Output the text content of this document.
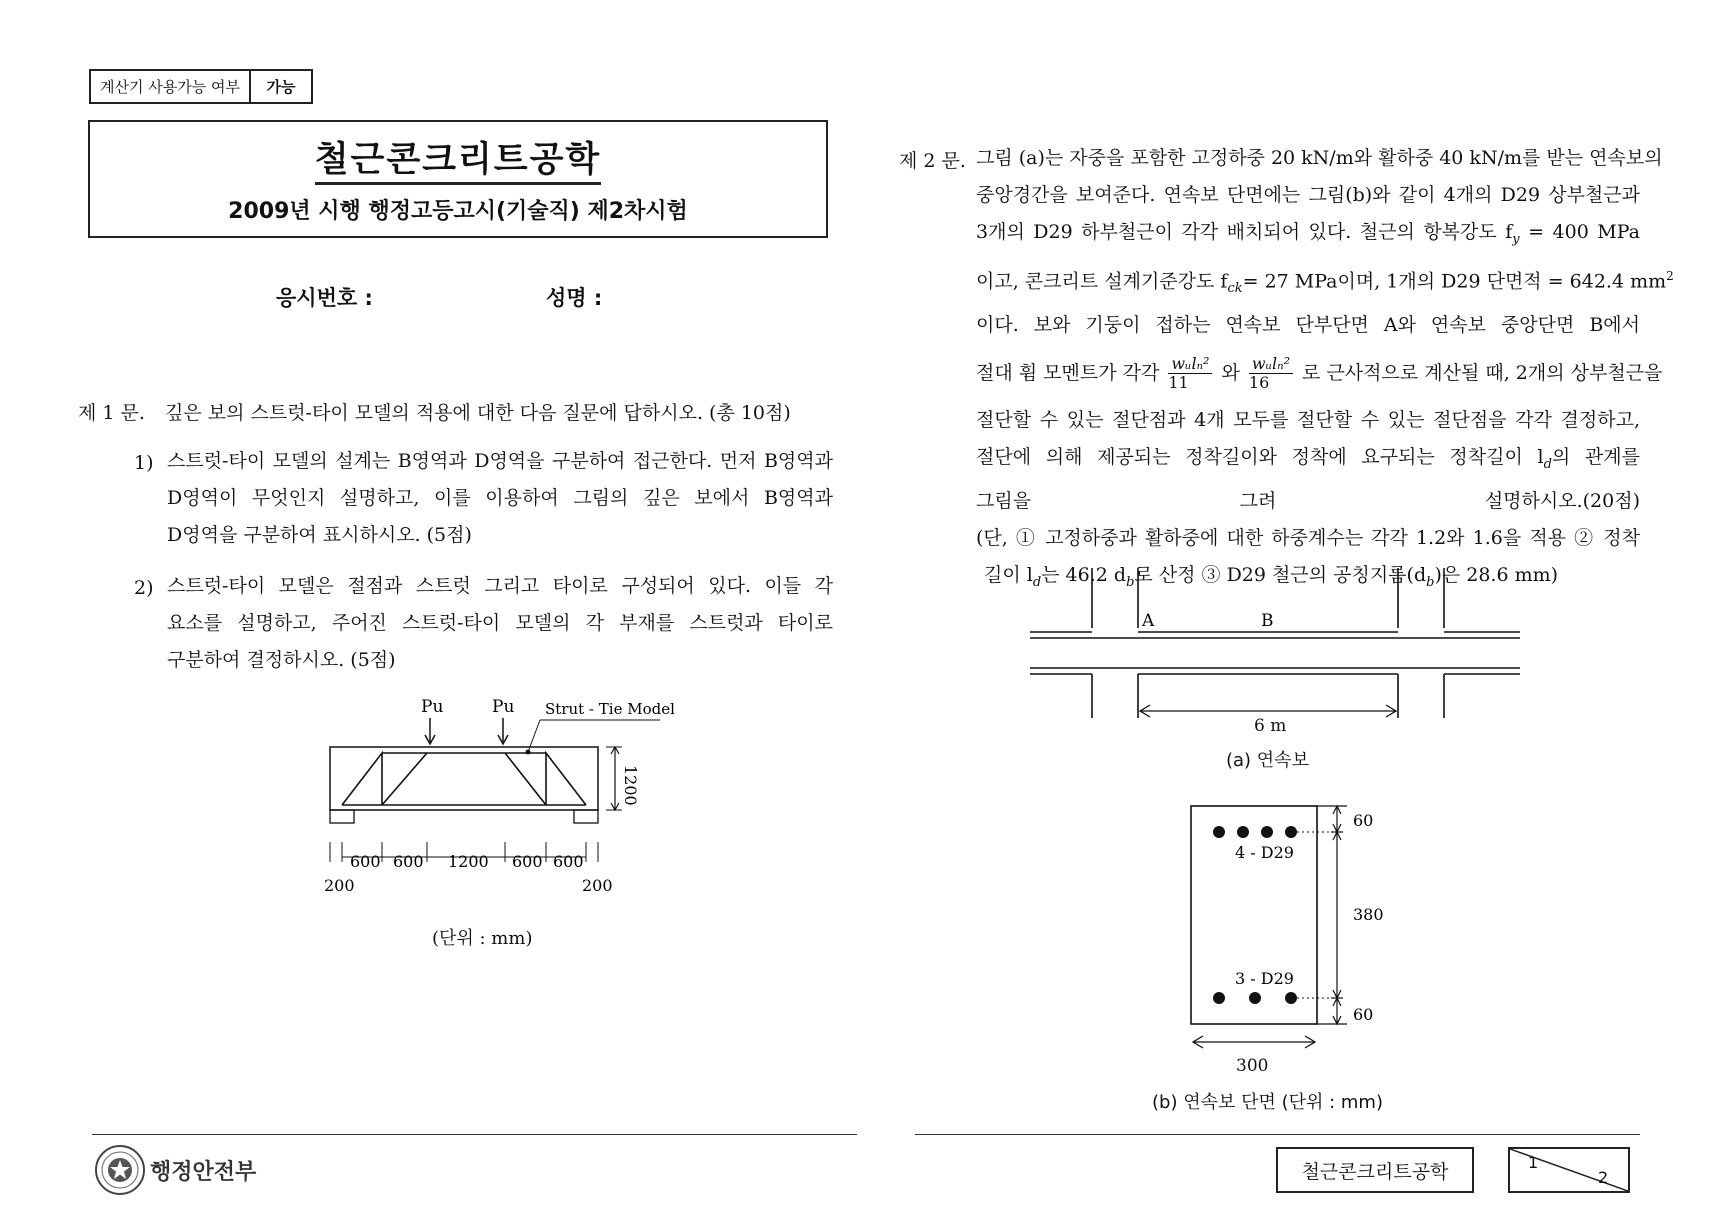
계산기 사용가능 여부	가능
철근콘크리트공학
2009년 시행 행정고등고시(기술직) 제2차시험
응시번호 :	성명 :
제 1 문. 깊은 보의 스트럿-타이 모델의 적용에 대한 다음 질문에 답하시오. (총 10점)
1) 스트럿-타이 모델의 설계는 B영역과 D영역을 구분하여 접근한다. 먼저 B영역과
D영역이 무엇인지 설명하고, 이를 이용하여 그림의 깊은 보에서 B영역과
D영역을 구분하여 표시하시오. (5점)
2) 스트럿-타이 모델은 절점과 스트럿 그리고 타이로 구성되어 있다. 이들 각
요소를 설명하고, 주어진 스트럿-타이 모델의 각 부재를 스트럿과 타이로
구분하여 결정하시오. (5점)
Pu	Pu Strut - Tie Model
1200
600 600 1200 600 600
200	200
(단위 : mm)
제 2 문. 그림 (a)는 자중을 포함한 고정하중 20 kN/m와 활하중 40 kN/m를 받는 연속보의
중앙경간을 보여준다. 연속보 단면에는 그림(b)와 같이 4개의 D29 상부철근과
3개의 D29 하부철근이 각각 배치되어 있다. 철근의 항복강도 $f_y = 400$ MPa
이고, 콘크리트 설계기준강도 $f_{ck}= 27$ MPa이며, 1개의 D29 단면적 = 642.4 $mm^2$
이다. 보와 기둥이 접하는 연속보 단부단면 A와 연속보 중앙단면 B에서
절대 휨 모멘트가 각각 $\frac{\text{wᵤlₙ²}}{11}$ 와 $\frac{\text{wᵤlₙ²}}{16}$ 로 근사적으로 계산될 때, 2개의 상부철근을
절단할 수 있는 절단점과 4개 모두를 절단할 수 있는 절단점을 각각 결정하고,
절단에 의해 제공되는 정착길이와 정착에 요구되는 정착길이 $l_d$의 관계를
그림을 그려 설명하시오.(20점)
(단, ① 고정하중과 활하중에 대한 하중계수는 각각 1.2와 1.6을 적용 ② 정착
길이 $l_d$는 46.2 $d_b$로 산정 ③ D29 철근의 공칭지름$(d_b)$은 28.6 mm)
A	B
6 m
(a) 연속보
4 - D29
3 - D29
60
380
60
300
(b) 연속보 단면 (단위 : mm)
행정안전부	철근콘크리트공학	1
2
